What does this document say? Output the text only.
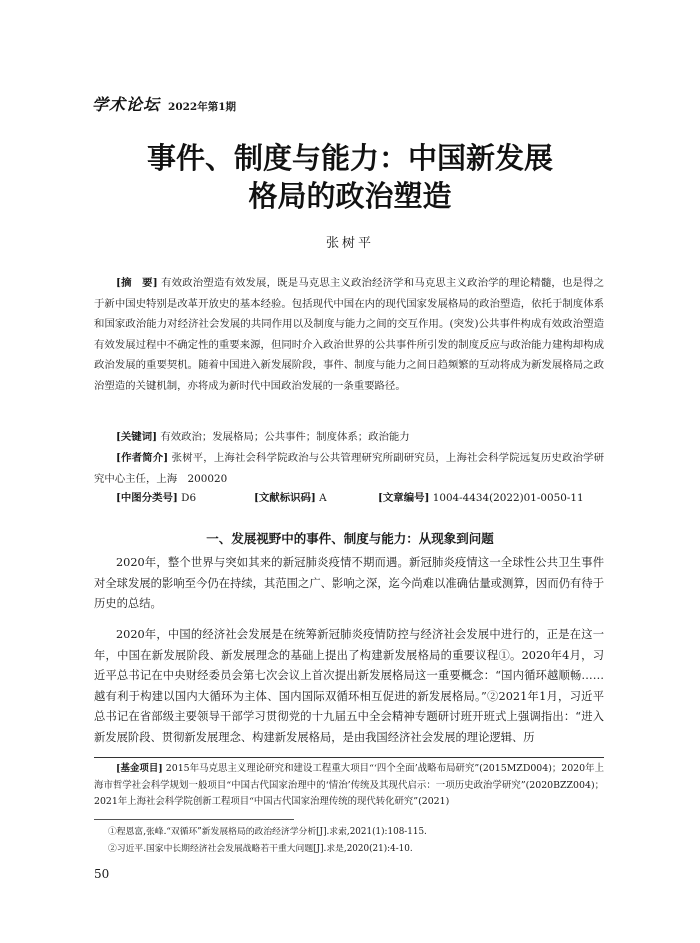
学术论坛 2022年第1期
事件、制度与能力：中国新发展
格局的政治塑造
张树平
[摘　要] 有效政治塑造有效发展，既是马克思主义政治经济学和马克思主义政治学的理论精髓，也是得之于新中国史特别是改革开放史的基本经验。包括现代中国在内的现代国家发展格局的政治塑造，依托于制度体系和国家政治能力对经济社会发展的共同作用以及制度与能力之间的交互作用。(突发)公共事件构成有效政治塑造有效发展过程中不确定性的重要来源，但同时介入政治世界的公共事件所引发的制度反应与政治能力建构却构成政治发展的重要契机。随着中国进入新发展阶段，事件、制度与能力之间日趋频繁的互动将成为新发展格局之政治塑造的关键机制，亦将成为新时代中国政治发展的一条重要路径。
[关键词] 有效政治；发展格局；公共事件；制度体系；政治能力
[作者简介] 张树平，上海社会科学院政治与公共管理研究所副研究员，上海社会科学院远复历史政治学研究中心主任，上海　200020
[中图分类号] D6	[文献标识码] A	[文章编号] 1004-4434(2022)01-0050-11
一、发展视野中的事件、制度与能力：从现象到问题
2020年，整个世界与突如其来的新冠肺炎疫情不期而遇。新冠肺炎疫情这一全球性公共卫生事件对全球发展的影响至今仍在持续，其范围之广、影响之深，迄今尚难以准确估量或测算，因而仍有待于历史的总结。
2020年，中国的经济社会发展是在统筹新冠肺炎疫情防控与经济社会发展中进行的，正是在这一年，中国在新发展阶段、新发展理念的基础上提出了构建新发展格局的重要议程①。2020年4月，习近平总书记在中央财经委员会第七次会议上首次提出新发展格局这一重要概念：“国内循环越顺畅……越有利于构建以国内大循环为主体、国内国际双循环相互促进的新发展格局。”②2021年1月，习近平总书记在省部级主要领导干部学习贯彻党的十九届五中全会精神专题研讨班开班式上强调指出：“进入新发展阶段、贯彻新发展理念、构建新发展格局，是由我国经济社会发展的理论逻辑、历
[基金项目] 2015年马克思主义理论研究和建设工程重大项目“‘四个全面’战略布局研究”(2015MZD004)；2020年上海市哲学社会科学规划一般项目“中国古代国家治理中的‘情治’传统及其现代启示：一项历史政治学研究”(2020BZZ004)；2021年上海社会科学院创新工程项目“中国古代国家治理传统的现代转化研究”(2021)
①程恩富,张峰.“双循环”新发展格局的政治经济学分析[J].求索,2021(1):108-115.
②习近平.国家中长期经济社会发展战略若干重大问题[J].求是,2020(21):4-10.
50
